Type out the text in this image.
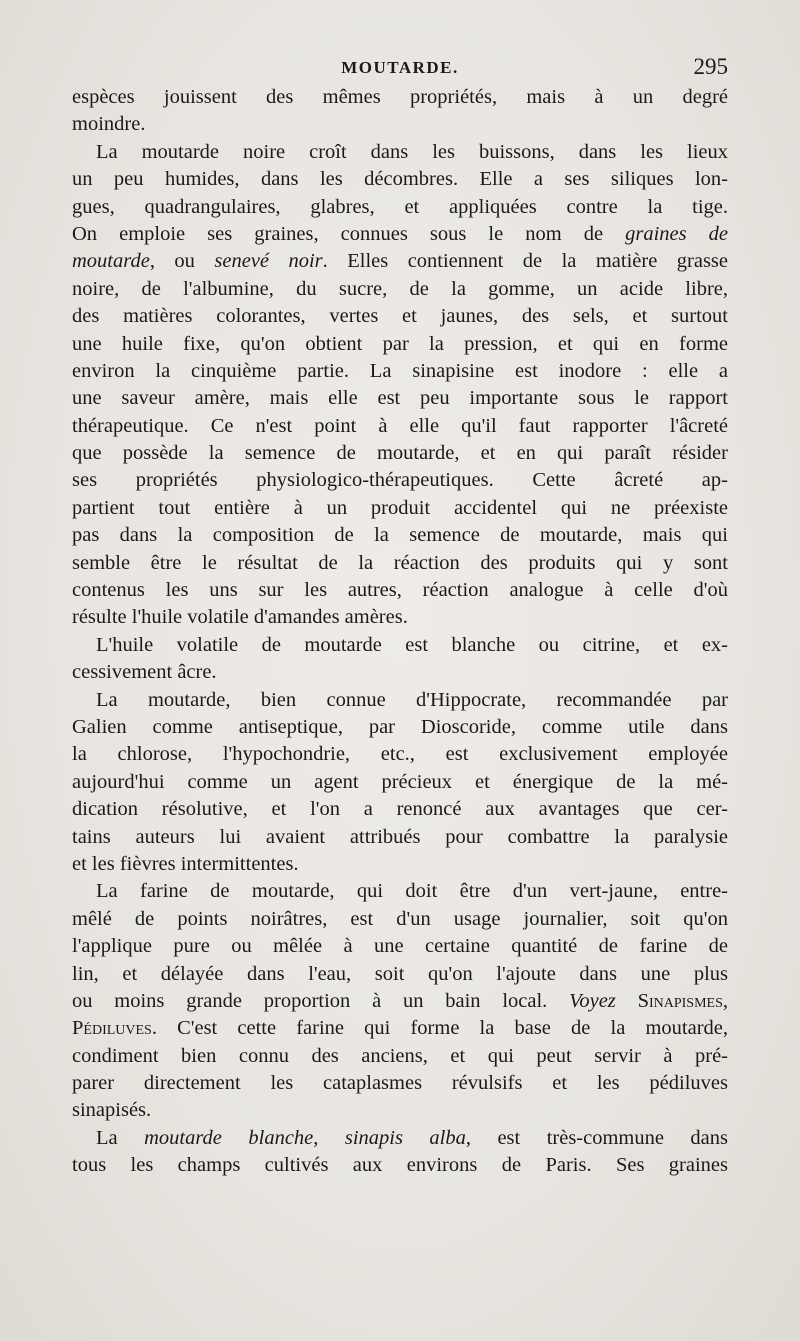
MOUTARDE.	295
espèces jouissent des mêmes propriétés, mais à un degré
moindre.
La moutarde noire croît dans les buissons, dans les lieux
un peu humides, dans les décombres. Elle a ses siliques lon-
gues, quadrangulaires, glabres, et appliquées contre la tige.
On emploie ses graines, connues sous le nom de graines de
moutarde, ou senevé noir. Elles contiennent de la matière grasse
noire, de l'albumine, du sucre, de la gomme, un acide libre,
des matières colorantes, vertes et jaunes, des sels, et surtout
une huile fixe, qu'on obtient par la pression, et qui en forme
environ la cinquième partie. La sinapisine est inodore : elle a
une saveur amère, mais elle est peu importante sous le rapport
thérapeutique. Ce n'est point à elle qu'il faut rapporter l'âcreté
que possède la semence de moutarde, et en qui paraît résider
ses propriétés physiologico-thérapeutiques. Cette âcreté ap-
partient tout entière à un produit accidentel qui ne préexiste
pas dans la composition de la semence de moutarde, mais qui
semble être le résultat de la réaction des produits qui y sont
contenus les uns sur les autres, réaction analogue à celle d'où
résulte l'huile volatile d'amandes amères.
L'huile volatile de moutarde est blanche ou citrine, et ex-
cessivement âcre.
La moutarde, bien connue d'Hippocrate, recommandée par
Galien comme antiseptique, par Dioscoride, comme utile dans
la chlorose, l'hypochondrie, etc., est exclusivement employée
aujourd'hui comme un agent précieux et énergique de la mé-
dication résolutive, et l'on a renoncé aux avantages que cer-
tains auteurs lui avaient attribués pour combattre la paralysie
et les fièvres intermittentes.
La farine de moutarde, qui doit être d'un vert-jaune, entre-
mêlé de points noirâtres, est d'un usage journalier, soit qu'on
l'applique pure ou mêlée à une certaine quantité de farine de
lin, et délayée dans l'eau, soit qu'on l'ajoute dans une plus
ou moins grande proportion à un bain local. Voyez Sinapismes,
Pédiluves. C'est cette farine qui forme la base de la moutarde,
condiment bien connu des anciens, et qui peut servir à pré-
parer directement les cataplasmes révulsifs et les pédiluves
sinapisés.
La moutarde blanche, sinapis alba, est très-commune dans
tous les champs cultivés aux environs de Paris. Ses graines
